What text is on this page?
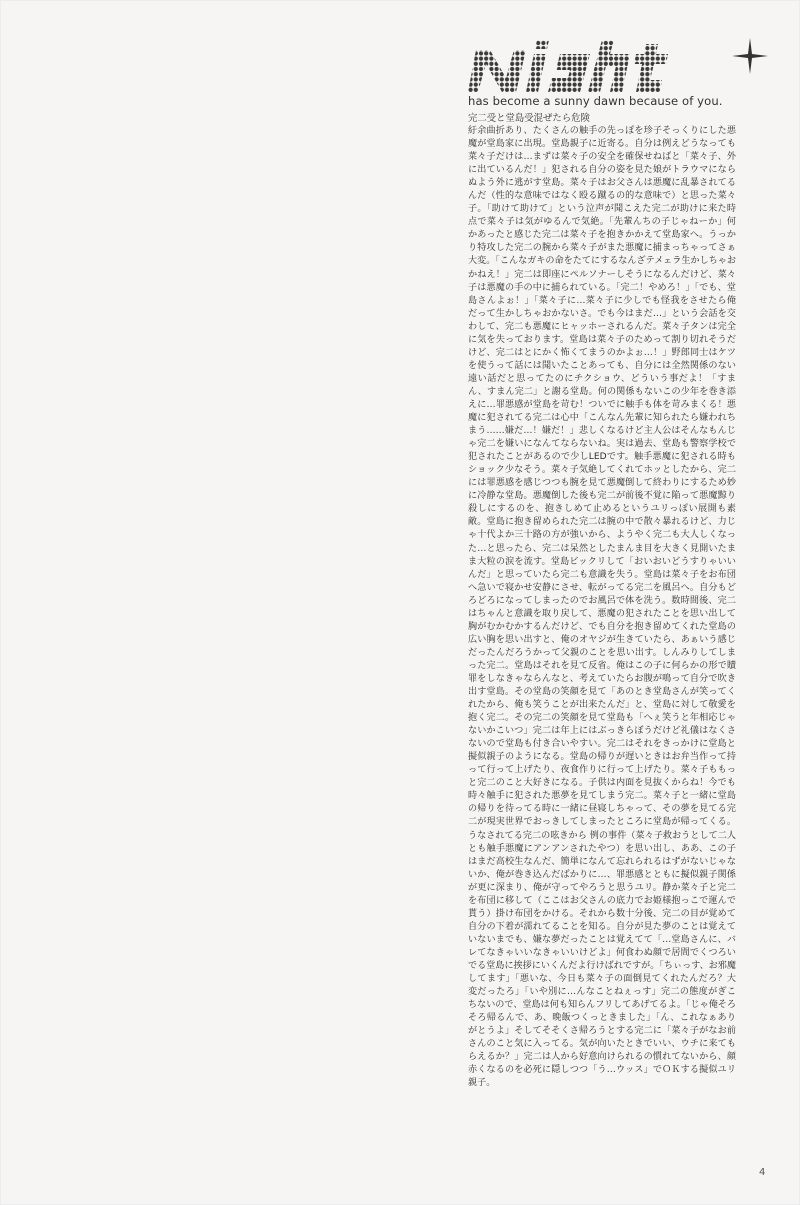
has become a sunny dawn because of you.
完二受と堂島受混ぜたら危険
紆余曲折あり、たくさんの触手の先っぽを珍子そっくりにした悪魔が堂島家に出現。堂島親子に近寄る。自分は例えどうなっても菜々子だけは…まずは菜々子の安全を確保せねばと「菜々子、外に出ているんだ！」犯される自分の姿を見た娘がトラウマにならぬよう外に逃がす堂島。菜々子はお父さんは悪魔に乱暴されてるんだ（性的な意味ではなく殴る蹴るの的な意味で）と思った菜々子。「助けて助けて」という泣声が聞こえた完二が助けに来た時点で菜々子は気がゆるんで気絶。「先輩んちの子じゃねーか」何かあったと感じた完二は菜々子を抱きかかえて堂島家へ。うっかり特攻した完二の腕から菜々子がまた悪魔に捕まっちゃってさぁ大変。「こんなガキの命をたてにするなんざテメェラ生かしちゃおかねえ！」完二は即座にペルソナーしそうになるんだけど、菜々子は悪魔の手の中に捕られている。「完二！やめろ！」「でも、堂島さんよぉ！」「菜々子に…菜々子に少しでも怪我をさせたら俺だって生かしちゃおかないさ。でも今はまだ…」という会話を交わして、完二も悪魔にヒャッホーされるんだ。菜々子タンは完全に気を失っております。堂島は菜々子のためって割り切れそうだけど、完二はとにかく怖くてまうのかよぉ…！」野郎同士はケツを使うって話には聞いたことあっても、自分には全然関係のない遠い話だと思ってたのにチクショウ、どういう事だよ！「すまん、すまん完二」と謝る堂島。何の関係もないこの少年を巻き添えに…罪悪感が堂島を苛む！ついでに触手も体を苛みまくる！悪魔に犯されてる完二は心中「こんなん先輩に知られたら嫌われちまう……嫌だ…！嫌だ！」悲しくなるけど主人公はそんなもんじゃ完二を嫌いになんてならないね。実は過去、堂島も警察学校で犯されたことがあるので少しLEDです。触手悪魔に犯される時もショック少なそう。菜々子気絶してくれてホッとしたから、完二には罪悪感を感じつつも腕を見て悪魔倒して終わりにするため妙に冷静な堂島。悪魔倒した後も完二が前後不覚に陥って悪魔黥り殺しにするのを、抱きしめて止めるというユリっぽい展開も素敵。堂島に抱き留められた完二は腕の中で散々暴れるけど、力じゃ十代よか三十路の方が強いから、ようやく完二も大人しくなった…と思ったら、完二は呆然としたまんま目を大きく見開いたまま大粒の涙を流す。堂島ビックリして「おいおいどうすりゃいいんだ」と思っていたら完二も意識を失う。堂島は菜々子をお布団へ急いで寝かせ安静にさせ、転がってる完二を風呂へ。自分もどろどろになってしまったのでお風呂で体を洗う。数時間後、完二はちゃんと意識を取り戻して、悪魔の犯されたことを思い出して胸がむかむかするんだけど、でも自分を抱き留めてくれた堂島の広い胸を思い出すと、俺のオヤジが生きていたら、あぁいう感じだったんだろうかって父親のことを思い出す。しんみりしてしまった完二。堂島はそれを見て反省。俺はこの子に何らかの形で贖罪をしなきゃならんなと、考えていたらお腹が鳴って自分で吹き出す堂島。その堂島の笑顔を見て「あのとき堂島さんが笑ってくれたから、俺も笑うことが出来たんだ」と、堂島に対して敬愛を抱く完二。その完二の笑顔を見て堂島も「へぇ笑うと年相応じゃないかこいつ」完二は年上にはぶっきらぼうだけど礼儀はなくさないので堂島も付き合いやすい。完二はそれをきっかけに堂島と擬似親子のようになる。堂島の帰りが遅いときはお弁当作って持って行って上げたり、夜食作りに行って上げたり。菜々子ももっと完二のこと大好きになる。子供は内面を見抜くからね！今でも時々触手に犯された悪夢を見てしまう完二。菜々子と一緒に堂島の帰りを待ってる時に一緒に昼寝しちゃって、その夢を見てる完二が現実世界でおっきしてしまったところに堂島が帰ってくる。うなされてる完二の呟きから 例の事件（菜々子救おうとして二人とも触手悪魔にアンアンされたやつ）を思い出し、ああ、この子はまだ高校生なんだ、簡単になんて忘れられるはずがないじゃないか、俺が巻き込んだばかりに…、罪悪感とともに擬似親子関係が更に深まり、俺が守ってやろうと思うユリ。静か菜々子と完二を布団に移して（ここはお父さんの底力でお姫様抱っこで運んで貰う）掛け布団をかける。それから数十分後、完二の目が覚めて自分の下着が濡れてることを知る。自分が見た夢のことは覚えていないまでも、嫌な夢だったことは覚えてて「…堂島さんに、バレてなきゃいいなきゃいいけどよ」何食わぬ顔で居間でくつろいでる堂島に挨拶にいくんだよ行けばれですが。「ちぃっす、お邪魔してます」「悪いな、今日も菜々子の面倒見てくれたんだろ？大変だったろ」「いや別に…んなことねぇっす」完二の態度がぎこちないので、堂島は何も知らんフリしてあげてるよ。「じゃ俺そろそろ帰るんで、あ、晩飯つくっときました」「ん、これなぁありがとうよ」そしてそそくさ帰ろうとする完二に「菜々子がなお前さんのこと気に入ってる。気が向いたときでいい、ウチに来てもらえるか？」完二は人から好意向けられるの慣れてないから、顔赤くなるのを必死に隠しつつ「う…ウッス」でＯＫする擬似ユリ親子。
4
